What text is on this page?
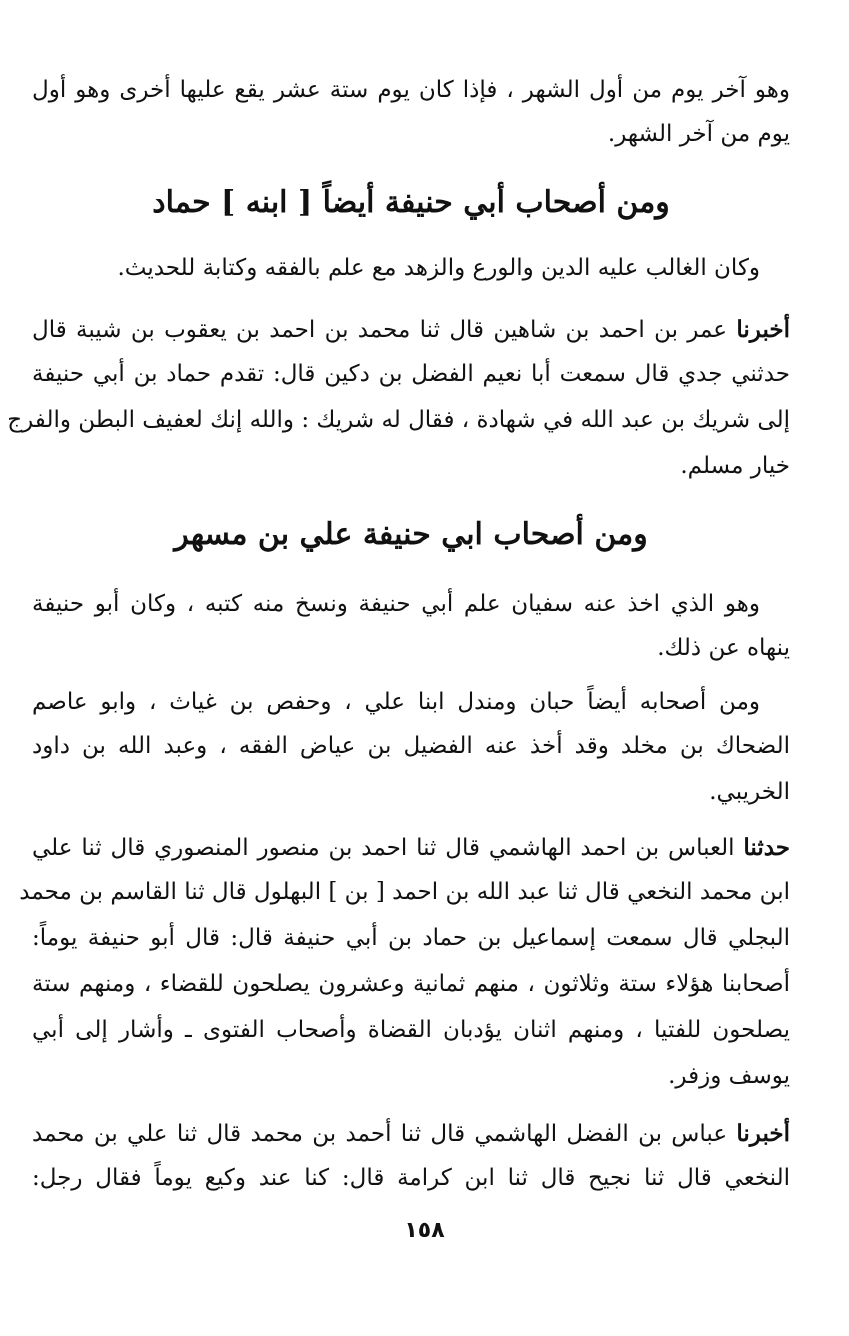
وهو آخر يوم من أول الشهر ، فإذا كان يوم ستة عشر يقع عليها أخرى وهو أول
يوم من آخر الشهر.
ومن أصحاب أبي حنيفة أيضاً [ ابنه ] حماد
وكان الغالب عليه الدين والورع والزهد مع علم بالفقه وكتابة للحديث.
أخبرنا عمر بن احمد بن شاهين قال ثنا محمد بن احمد بن يعقوب بن شيبة قال
حدثني جدي قال سمعت أبا نعيم الفضل بن دكين قال: تقدم حماد بن أبي حنيفة
إلى شريك بن عبد الله في شهادة ، فقال له شريك : والله إنك لعفيف البطن والفرج
خيار مسلم.
ومن أصحاب ابي حنيفة علي بن مسهر
وهو الذي اخذ عنه سفيان علم أبي حنيفة ونسخ منه كتبه ، وكان أبو حنيفة
ينهاه عن ذلك.
ومن أصحابه أيضاً حبان ومندل ابنا علي ، وحفص بن غياث ، وابو عاصم
الضحاك بن مخلد وقد أخذ عنه الفضيل بن عياض الفقه ، وعبد الله بن داود
الخريبي.
حدثنا العباس بن احمد الهاشمي قال ثنا احمد بن منصور المنصوري قال ثنا علي
ابن محمد النخعي قال ثنا عبد الله بن احمد [ بن ] البهلول قال ثنا القاسم بن محمد
البجلي قال سمعت إسماعيل بن حماد بن أبي حنيفة قال: قال أبو حنيفة يوماً:
أصحابنا هؤلاء ستة وثلاثون ، منهم ثمانية وعشرون يصلحون للقضاء ، ومنهم ستة
يصلحون للفتيا ، ومنهم اثنان يؤدبان القضاة وأصحاب الفتوى ـ وأشار إلى أبي
يوسف وزفر.
أخبرنا عباس بن الفضل الهاشمي قال ثنا أحمد بن محمد قال ثنا علي بن محمد
النخعي قال ثنا نجيح قال ثنا ابن كرامة قال: كنا عند وكيع يوماً فقال رجل:
١٥٨
